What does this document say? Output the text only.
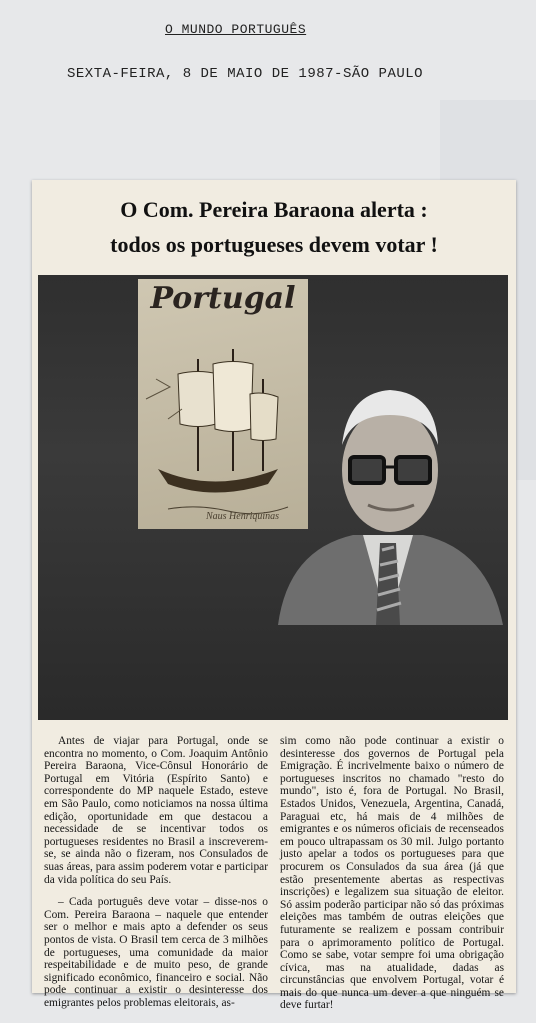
O MUNDO PORTUGUÊS
SEXTA-FEIRA, 8 DE MAIO DE 1987-SÃO PAULO
O Com. Pereira Baraona alerta :
todos os portugueses devem votar !
Portugal
Naus Henriquinas

Antes de viajar para Portugal, onde se encontra no momento, o Com. Joaquim Antônio Pereira Baraona, Vice-Cônsul Honorário de Portugal em Vitória (Espírito Santo) e correspondente do MP naquele Estado, esteve em São Paulo, como noticiamos na nossa última edição, oportunidade em que destacou a necessidade de se incentivar todos os portugueses residentes no Brasil a inscreverem-se, se ainda não o fizeram, nos Consulados de suas áreas, para assim poderem votar e participar da vida política do seu País.

– Cada português deve votar – disse-nos o Com. Pereira Baraona – naquele que entender ser o melhor e mais apto a defender os seus pontos de vista. O Brasil tem cerca de 3 milhões de portugueses, uma comunidade da maior respeitabilidade e de muito peso, de grande significado econômico, financeiro e social. Não pode continuar a existir o desinteresse dos emigrantes pelos problemas eleitorais, as-

sim como não pode continuar a existir o desinteresse dos governos de Portugal pela Emigração. É incrivelmente baixo o número de portugueses inscritos no chamado "resto do mundo", isto é, fora de Portugal. No Brasil, Estados Unidos, Venezuela, Argentina, Canadá, Paraguai etc, há mais de 4 milhões de emigrantes e os números oficiais de recenseados em pouco ultrapassam os 30 mil. Julgo portanto justo apelar a todos os portugueses para que procurem os Consulados da sua área (já que estão presentemente abertas as respectivas inscrições) e legalizem sua situação de eleitor. Só assim poderão participar não só das próximas eleições mas também de outras eleições que futuramente se realizem e possam contribuir para o aprimoramento político de Portugal. Como se sabe, votar sempre foi uma obrigação cívica, mas na atualidade, dadas as circunstâncias que envolvem Portugal, votar é mais do que nunca um dever a que ninguém se deve furtar!
